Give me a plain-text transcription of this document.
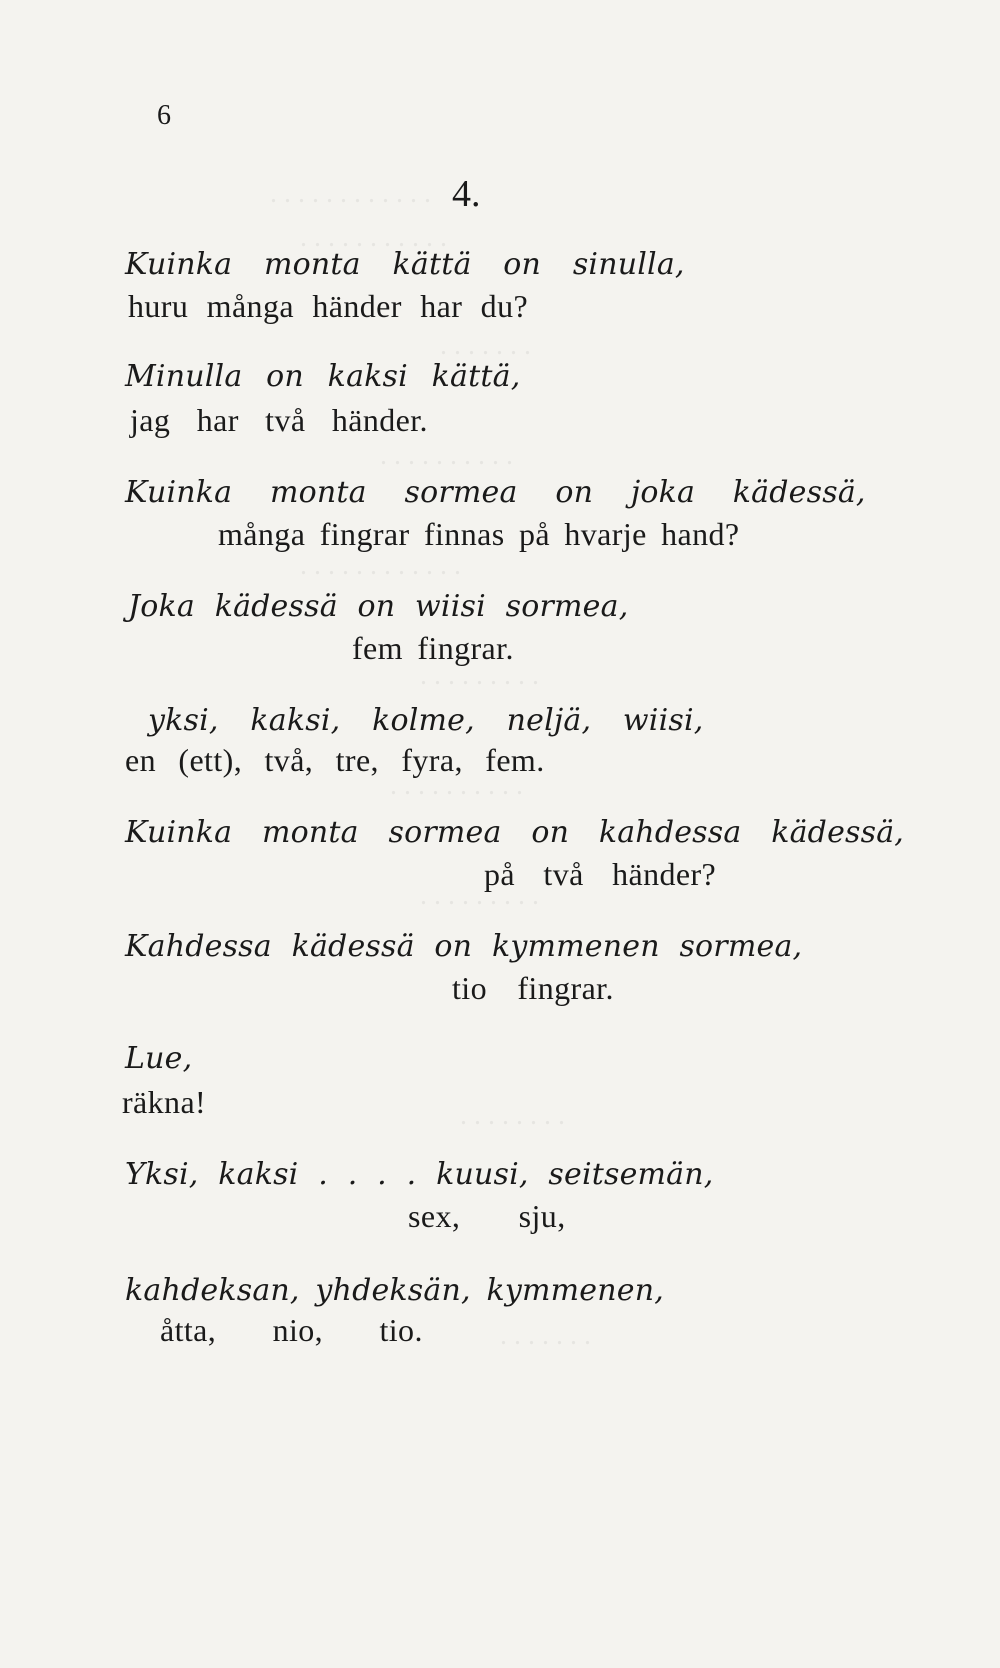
. . . . . . . . . . . .
. . . . . . . . . . .
. . . . . . .
. . . . . . . . . .
. . . . . . . . . . . .
. . . . . . . . .
. . . . . . . . . .
. . . . . . . . .
. . . . . . . .
. . . . . . .
6
4.
Kuinka monta kättä on sinulla,
huru många händer har du?
Minulla on kaksi kättä,
jag har två händer.
Kuinka monta sormea on joka kädessä,
många fingrar finnas på hvarje hand?
Joka kädessä on wiisi sormea,
fem fingrar.
yksi, kaksi, kolme, neljä, wiisi,
en (ett), två, tre, fyra, fem.
Kuinka monta sormea on kahdessa kädessä,
på två händer?
Kahdessa kädessä on kymmenen sormea,
tio fingrar.
Lue,
räkna!
Yksi, kaksi . . . . kuusi, seitsemän,
sex, sju,
kahdeksan, yhdeksän, kymmenen,
åtta, nio, tio.
